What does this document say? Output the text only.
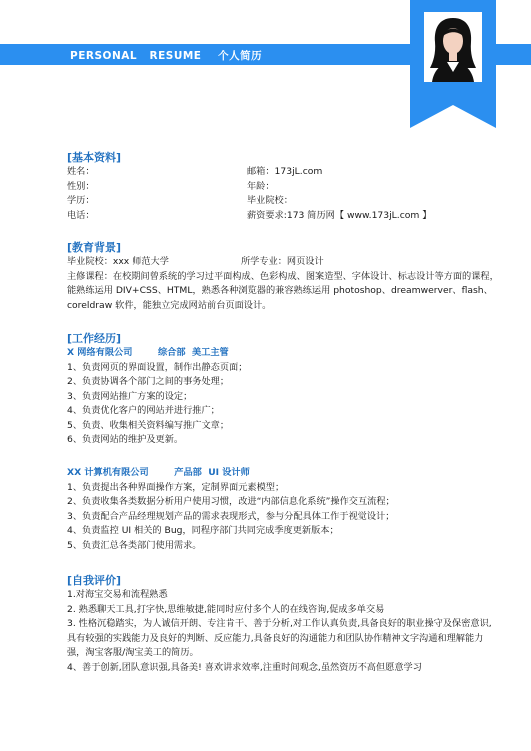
PERSONAL   RESUME    个人简历
[基本资料]
姓名：	邮箱：173jL.com
性别：	年龄：
学历：	毕业院校：
电话：	薪资要求:173 简历网【 www.173jL.com 】
[教育背景]
毕业院校：xxx 师范大学	所学专业：网页设计
主修课程：在校期间曾系统的学习过平面构成、色彩构成、图案造型、字体设计、标志设计等方面的课程，能熟练运用 DIV+CSS、HTML，熟悉各种浏览器的兼容熟练运用 photoshop、dreamwerver、flash、coreldraw 软件，能独立完成网站前台页面设计。
[工作经历]
X 网络有限公司        综合部  美工主管
1、负责网页的界面设置，制作出静态页面；
2、负责协调各个部门之间的事务处理；
3、负责网站推广方案的设定；
4、负责优化客户的网站并进行推广；
5、负责、收集相关资料编写推广文章；
6、负责网站的维护及更新。
XX 计算机有限公司        产品部  UI 设计师
1、负责提出各种界面操作方案，定制界面元素模型；
2、负责收集各类数据分析用户使用习惯，改进“内部信息化系统”操作交互流程；
3、负责配合产品经理规划产品的需求表现形式，参与分配具体工作于视觉设计；
4、负责监控 UI 相关的 Bug，同程序部门共同完成季度更新版本；
5、负责汇总各类部门使用需求。
[自我评价]
1.对海宝交易和流程熟悉
2. 熟悉聊天工具,打字快,思维敏捷,能同时应付多个人的在线咨询,促成多单交易
3. 性格沉稳踏实，为人诚信开朗、专注肯干、善于分析,对工作认真负责,具备良好的职业操守及保密意识,具有较强的实践能力及良好的判断、反应能力,具备良好的沟通能力和团队协作精神文字沟通和理解能力强，淘宝客服/淘宝美工的简历。
4、善于创新,团队意识强,具备美! 喜欢讲求效率,注重时间观念,虽然资历不高但愿意学习
